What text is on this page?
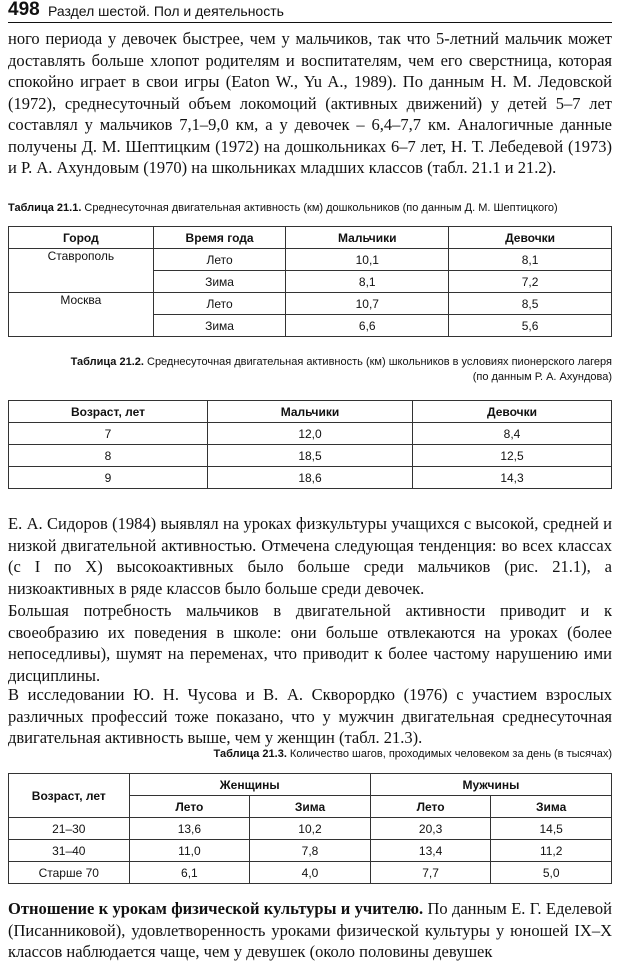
498 Раздел шестой. Пол и деятельность

ного периода у девочек быстрее, чем у мальчиков, так что 5-летний мальчик может доставлять больше хлопот родителям и воспитателям, чем его сверстница, которая спокойно играет в свои игры (Eaton W., Yu A., 1989). По данным Н. М. Ледовской (1972), среднесуточный объем локомоций (активных движений) у детей 5–7 лет составлял у мальчиков 7,1–9,0 км, а у девочек – 6,4–7,7 км. Аналогичные данные получены Д. М. Шептицким (1972) на дошкольниках 6–7 лет, Н. Т. Лебедевой (1973) и Р. А. Ахундовым (1970) на школьниках младших классов (табл. 21.1 и 21.2).

Таблица 21.1. Среднесуточная двигательная активность (км) дошкольников (по данным Д. М. Шептицкого)

Город	Время года	Мальчики	Девочки
Ставрополь	Лето	10,1	8,1
	Зима	8,1	7,2
Москва	Лето	10,7	8,5
	Зима	6,6	5,6

Таблица 21.2. Среднесуточная двигательная активность (км) школьников в условиях пионерского лагеря
(по данным Р. А. Ахундова)

Возраст, лет	Мальчики	Девочки
7	12,0	8,4
8	18,5	12,5
9	18,6	14,3

Е. А. Сидоров (1984) выявлял на уроках физкультуры учащихся с высокой, средней и низкой двигательной активностью. Отмечена следующая тенденция: во всех классах (с I по X) высокоактивных было больше среди мальчиков (рис. 21.1), а низкоактивных в ряде классов было больше среди девочек.

Большая потребность мальчиков в двигательной активности приводит и к своеобразию их поведения в школе: они больше отвлекаются на уроках (более непоседливы), шумят на переменах, что приводит к более частому нарушению ими дисциплины.

В исследовании Ю. Н. Чусова и В. А. Скворордко (1976) с участием взрослых различных профессий тоже показано, что у мужчин двигательная среднесуточная двигательная активность выше, чем у женщин (табл. 21.3).

Таблица 21.3. Количество шагов, проходимых человеком за день (в тысячах)

Возраст, лет	Женщины		Мужчины	
	Лето	Зима	Лето	Зима
21–30	13,6	10,2	20,3	14,5
31–40	11,0	7,8	13,4	11,2
Старше 70	6,1	4,0	7,7	5,0

Отношение к урокам физической культуры и учителю. По данным Е. Г. Еделевой (Писанниковой), удовлетворенность уроками физической культуры у юношей IX–X классов наблюдается чаще, чем у девушек (около половины девушек
